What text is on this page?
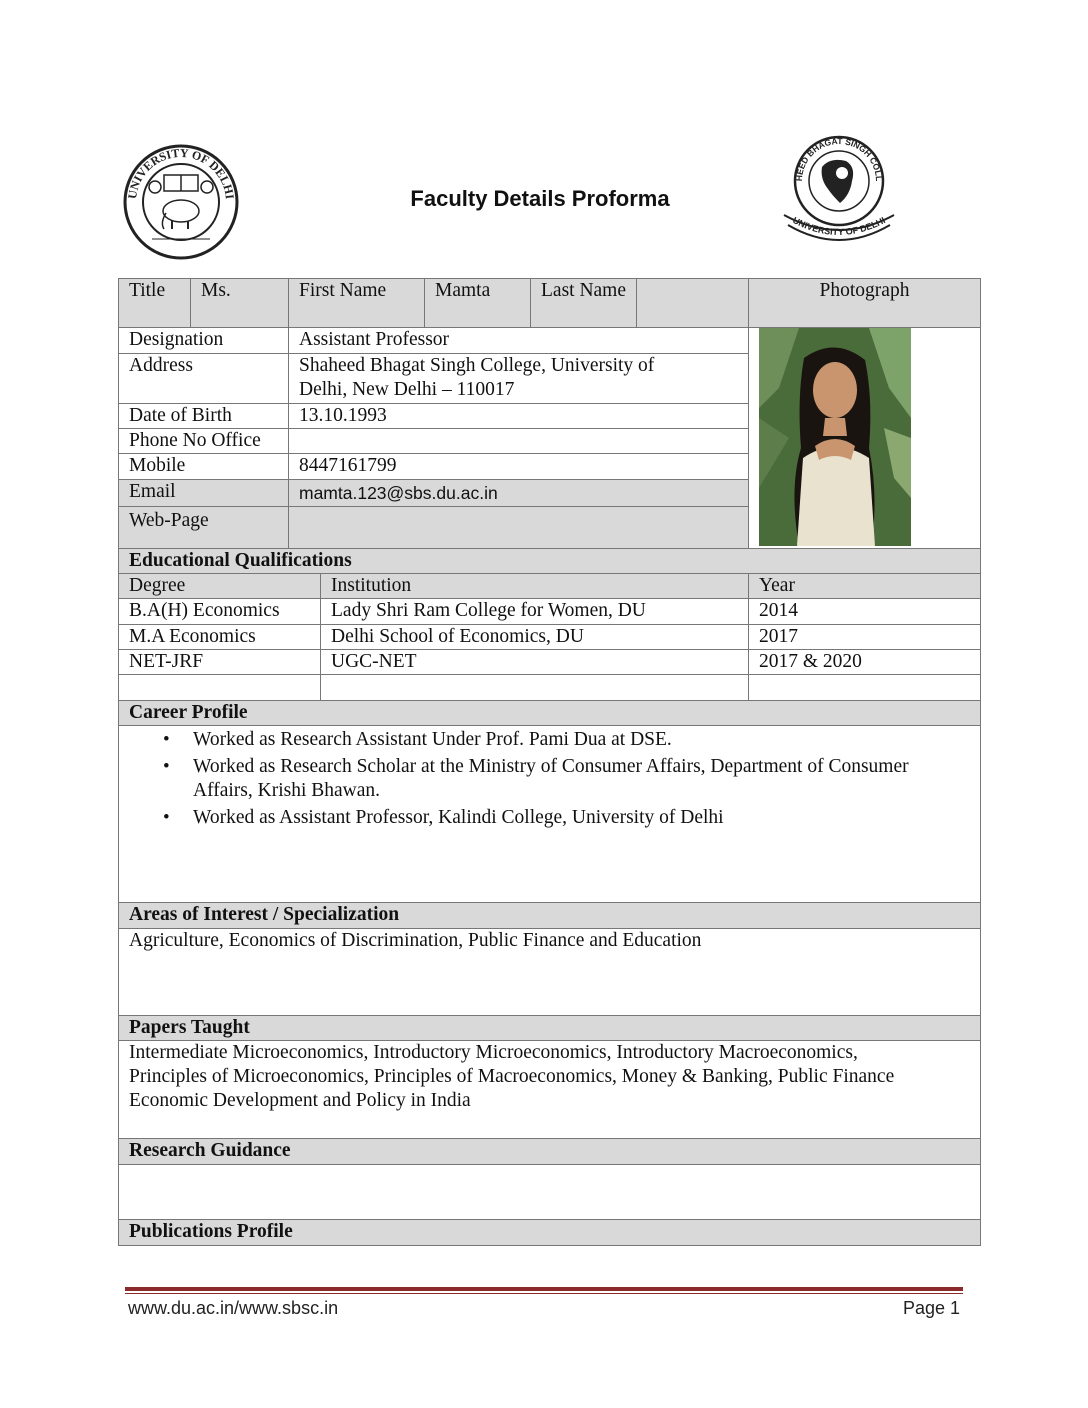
UNIVERSITY OF DELHI	Faculty Details Proforma
HEED BHAGAT SINGH COLL
UNIVERSITY OF DELHI
Title	Ms.	First Name	Mamta	Last Name	Photograph
Designation	Assistant Professor
Address	Shaheed Bhagat Singh College, University of
Delhi, New Delhi – 110017
Date of Birth	13.10.1993
Phone No Office
Mobile	8447161799
Email	mamta.123@sbs.du.ac.in
Web-Page
Educational Qualifications
Degree	Institution	Year
B.A(H) Economics	Lady Shri Ram College for Women, DU	2014
M.A Economics	Delhi School of Economics, DU	2017
NET-JRF	UGC-NET	2017 & 2020
Career Profile
• Worked as Research Assistant Under Prof. Pami Dua at DSE.
• Worked as Research Scholar at the Ministry of Consumer Affairs, Department of Consumer Affairs, Krishi Bhawan.
• Worked as Assistant Professor, Kalindi College, University of Delhi
Areas of Interest / Specialization
Agriculture, Economics of Discrimination, Public Finance and Education
Papers Taught
Intermediate Microeconomics, Introductory Microeconomics, Introductory Macroeconomics,
Principles of Microeconomics, Principles of Macroeconomics, Money & Banking, Public Finance
Economic Development and Policy in India
Research Guidance
Publications Profile
www.du.ac.in/www.sbsc.in	Page 1
